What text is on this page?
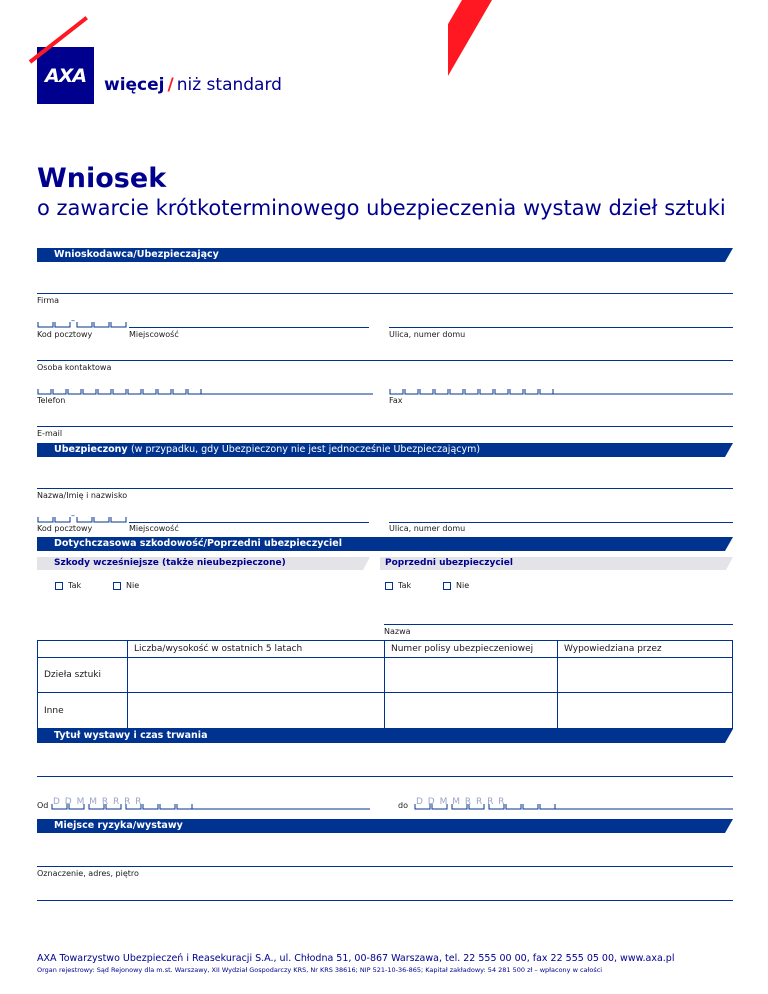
AXA	więcej / niż standard
Wniosek
o zawarcie krótkoterminowego ubezpieczenia wystaw dzieł sztuki
Wnioskodawca/Ubezpieczający
Firma
–
Kod pocztowy	Miejscowość	Ulica, numer domu
Osoba kontaktowa
Telefon	Fax
E-mail
Ubezpieczony (w przypadku, gdy Ubezpieczony nie jest jednocześnie Ubezpieczającym)
Nazwa/Imię i nazwisko
–
Kod pocztowy	Miejscowość	Ulica, numer domu
Dotychczasowa szkodowość/Poprzedni ubezpieczyciel
Szkody wcześniejsze (także nieubezpieczone)	Poprzedni ubezpieczyciel
Tak	Nie	Tak	Nie
Nazwa
	Liczba/wysokość w ostatnich 5 latach	Numer polisy ubezpieczeniowej	Wypowiedziana przez
Dzieła sztuki			
Inne			
Tytuł wystawy i czas trwania
Od D D M M R R R R	do D D M M R R R R
Miejsce ryzyka/wystawy
Oznaczenie, adres, piętro
AXA Towarzystwo Ubezpieczeń i Reasekuracji S.A., ul. Chłodna 51, 00-867 Warszawa, tel. 22 555 00 00, fax 22 555 05 00, www.axa.pl
Organ rejestrowy: Sąd Rejonowy dla m.st. Warszawy, XII Wydział Gospodarczy KRS, Nr KRS 38616; NIP 521-10-36-865; Kapitał zakładowy: 54 281 500 zł – wpłacony w całości
